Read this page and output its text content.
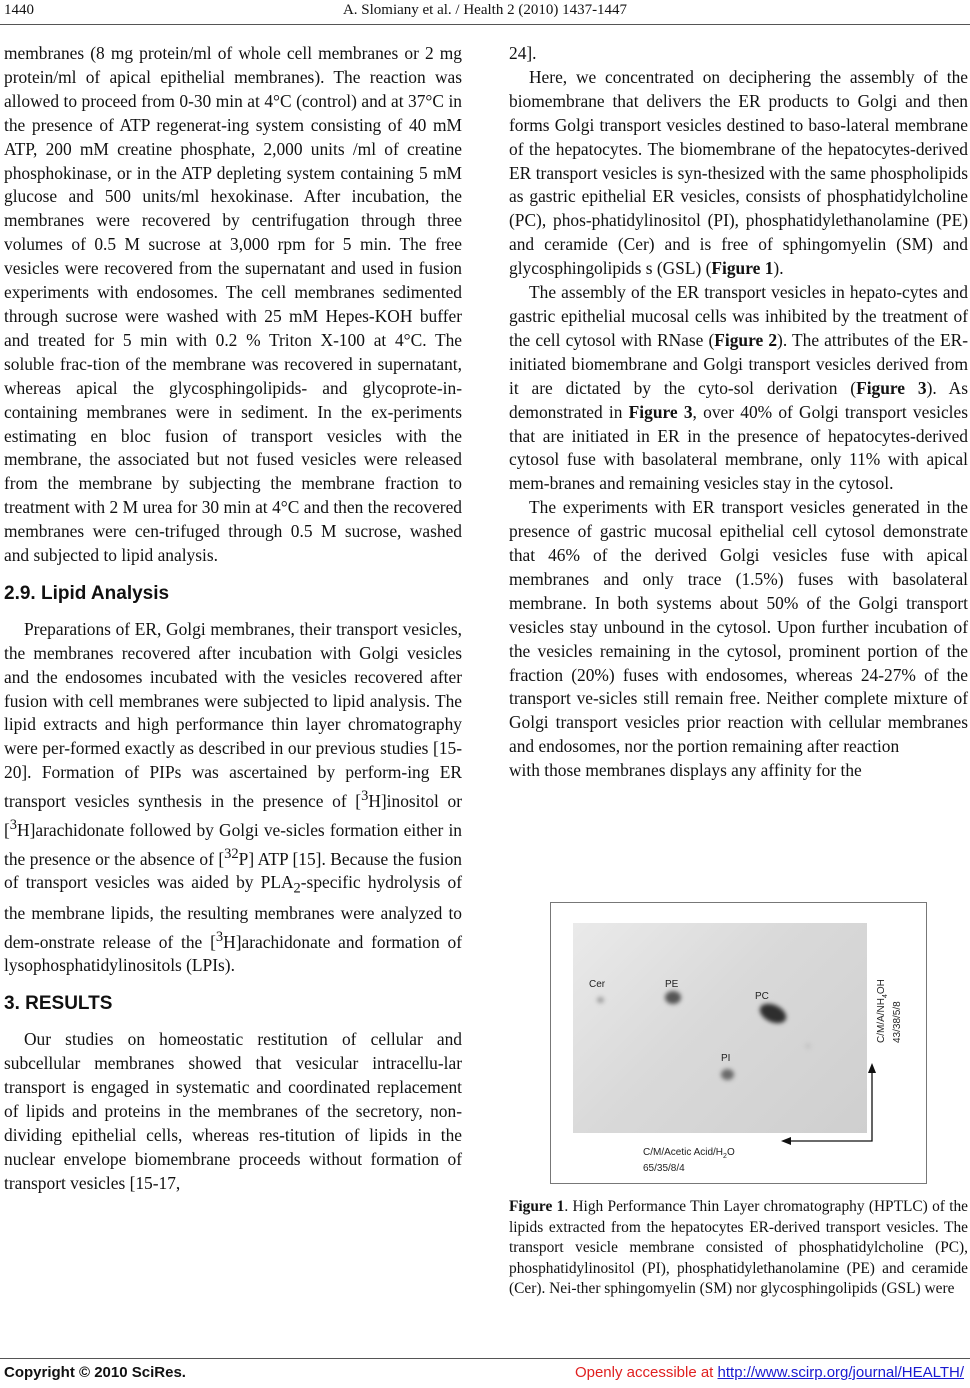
1440	A. Slomiany et al. / Health 2 (2010) 1437-1447

membranes (8 mg protein/ml of whole cell membranes or 2 mg protein/ml of apical epithelial membranes). The reaction was allowed to proceed from 0-30 min at 4°C (control) and at 37°C in the presence of ATP regenerat-ing system consisting of 40 mM ATP, 200 mM creatine phosphate, 2,000 units /ml of creatine phosphokinase, or in the ATP depleting system containing 5 mM glucose and 500 units/ml hexokinase. After incubation, the membranes were recovered by centrifugation through three volumes of 0.5 M sucrose at 3,000 rpm for 5 min. The free vesicles were recovered from the supernatant and used in fusion experiments with endosomes. The cell membranes sedimented through sucrose were washed with 25 mM Hepes-KOH buffer and treated for 5 min with 0.2 % Triton X-100 at 4°C. The soluble frac-tion of the membrane was recovered in supernatant, whereas apical the glycosphingolipids- and glycoprote-in- containing membranes were in sediment. In the ex-periments estimating en bloc fusion of transport vesicles with the membrane, the associated but not fused vesicles were released from the membrane by subjecting the membrane fraction to treatment with 2 M urea for 30 min at 4°C and then the recovered membranes were cen-trifuged through 0.5 M sucrose, washed and subjected to lipid analysis.

2.9. Lipid Analysis

Preparations of ER, Golgi membranes, their transport vesicles, the membranes recovered after incubation with Golgi vesicles and the endosomes incubated with the vesicles recovered after fusion with cell membranes were subjected to lipid analysis. The lipid extracts and high performance thin layer chromatography were per-formed exactly as described in our previous studies [15-20]. Formation of PIPs was ascertained by perform-ing ER transport vesicles synthesis in the presence of [$^3$H]inositol or [$^3$H]arachidonate followed by Golgi ve-sicles formation either in the presence or the absence of [$^{32}$P] ATP [15]. Because the fusion of transport vesicles was aided by $PLA_2$-specific hydrolysis of the membrane lipids, the resulting membranes were analyzed to dem-onstrate release of the [$^3$H]arachidonate and formation of lysophosphatidylinositols (LPIs).

3. RESULTS

Our studies on homeostatic restitution of cellular and subcellular membranes showed that vesicular intracellu-lar transport is engaged in systematic and coordinated replacement of lipids and proteins in the membranes of the secretory, non-dividing epithelial cells, whereas res-titution of lipids in the nuclear envelope biomembrane proceeds without formation of transport vesicles [15-17,

24].

Here, we concentrated on deciphering the assembly of the biomembrane that delivers the ER products to Golgi and then forms Golgi transport vesicles destined to baso-lateral membrane of the hepatocytes. The biomembrane of the hepatocytes-derived ER transport vesicles is syn-thesized with the same phospholipids as gastric epithelial ER vesicles, consists of phosphatidylcholine (PC), phos-phatidylinositol (PI), phosphatidylethanolamine (PE) and ceramide (Cer) and is free of sphingomyelin (SM) and glycosphingolipids s (GSL) (Figure 1).

The assembly of the ER transport vesicles in hepato-cytes and gastric epithelial mucosal cells was inhibited by the treatment of the cell cytosol with RNase (Figure 2). The attributes of the ER-initiated biomembrane and Golgi transport vesicles derived from it are dictated by the cyto-sol derivation (Figure 3). As demonstrated in Figure 3, over 40% of Golgi transport vesicles that are initiated in ER in the presence of hepatocytes-derived cytosol fuse with basolateral membrane, only 11% with apical mem-branes and remaining vesicles stay in the cytosol.

The experiments with ER transport vesicles generated in the presence of gastric mucosal epithelial cell cytosol demonstrate that 46% of the derived Golgi vesicles fuse with apical membranes and only trace (1.5%) fuses with basolateral membrane. In both systems about 50% of the Golgi transport vesicles stay unbound in the cytosol. Upon further incubation of the vesicles remaining in the cytosol, prominent portion of the fraction (20%) fuses with endosomes, whereas 24-27% of the transport ve-sicles still remain free. Neither complete mixture of Golgi transport vesicles prior reaction with cellular membranes and endosomes, nor the portion remaining after reaction

with those membranes displays any affinity for the

Cer	PE
PC
PI
$C/M/A/NH_4OH$
43/38/5/8
C/M/Acetic Acid/$H_2O$
65/35/8/4
Figure 1. High Performance Thin Layer chromatography (HPTLC) of the lipids extracted from the hepatocytes ER-derived transport vesicles. The transport vesicle membrane consisted of phosphatidylcholine (PC), phosphatidylinositol (PI), phosphatidylethanolamine (PE) and ceramide (Cer). Nei-ther sphingomyelin (SM) nor glycosphingolipids (GSL) were
Copyright © 2010 SciRes.	Openly accessible at http://www.scirp.org/journal/HEALTH/
